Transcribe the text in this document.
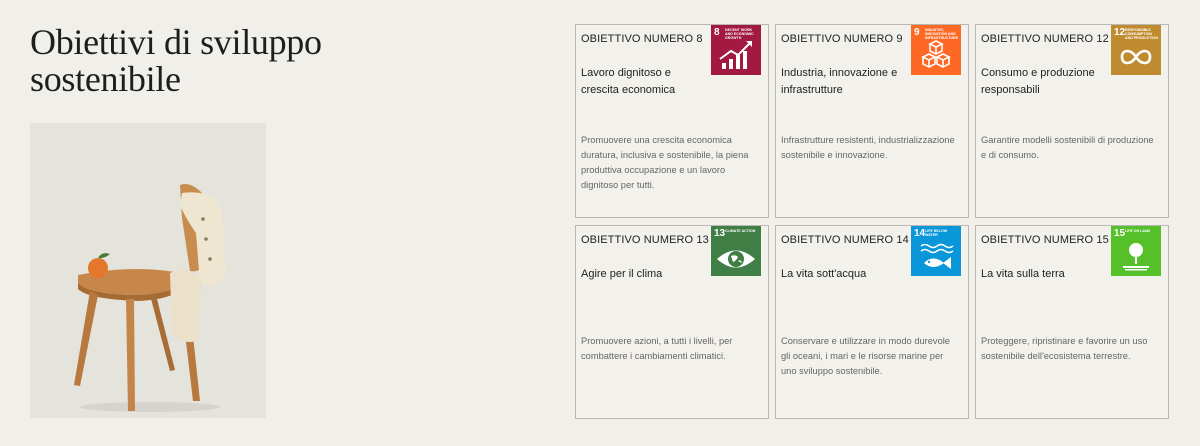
Obiettivi di sviluppo
sostenibile
OBIETTIVO NUMERO 8
8 DECENT WORK AND ECONOMIC GROWTH
Lavoro dignitoso e crescita economica
Promuovere una crescita economica duratura, inclusiva e sostenibile, la piena produttiva occupazione e un lavoro dignitoso per tutti.
OBIETTIVO NUMERO 9
9 INDUSTRY, INNOVATION AND INFRASTRUCTURE
Industria, innovazione e infrastrutture
Infrastrutture resistenti, industrializzazione sostenibile e innovazione.
OBIETTIVO NUMERO 12
12 RESPONSIBLE CONSUMPTION AND PRODUCTION
Consumo e produzione responsabili
Garantire modelli sostenibili di produzione e di consumo.
OBIETTIVO NUMERO 13
13 CLIMATE ACTION
Agire per il clima
Promuovere azioni, a tutti i livelli, per combattere i cambiamenti climatici.
OBIETTIVO NUMERO 14
14 LIFE BELOW WATER
La vita sott'acqua
Conservare e utilizzare in modo durevole gli oceani, i mari e le risorse marine per uno sviluppo sostenibile.
OBIETTIVO NUMERO 15
15 LIFE ON LAND
La vita sulla terra
Proteggere, ripristinare e favorire un uso sostenibile dell'ecosistema terrestre.
